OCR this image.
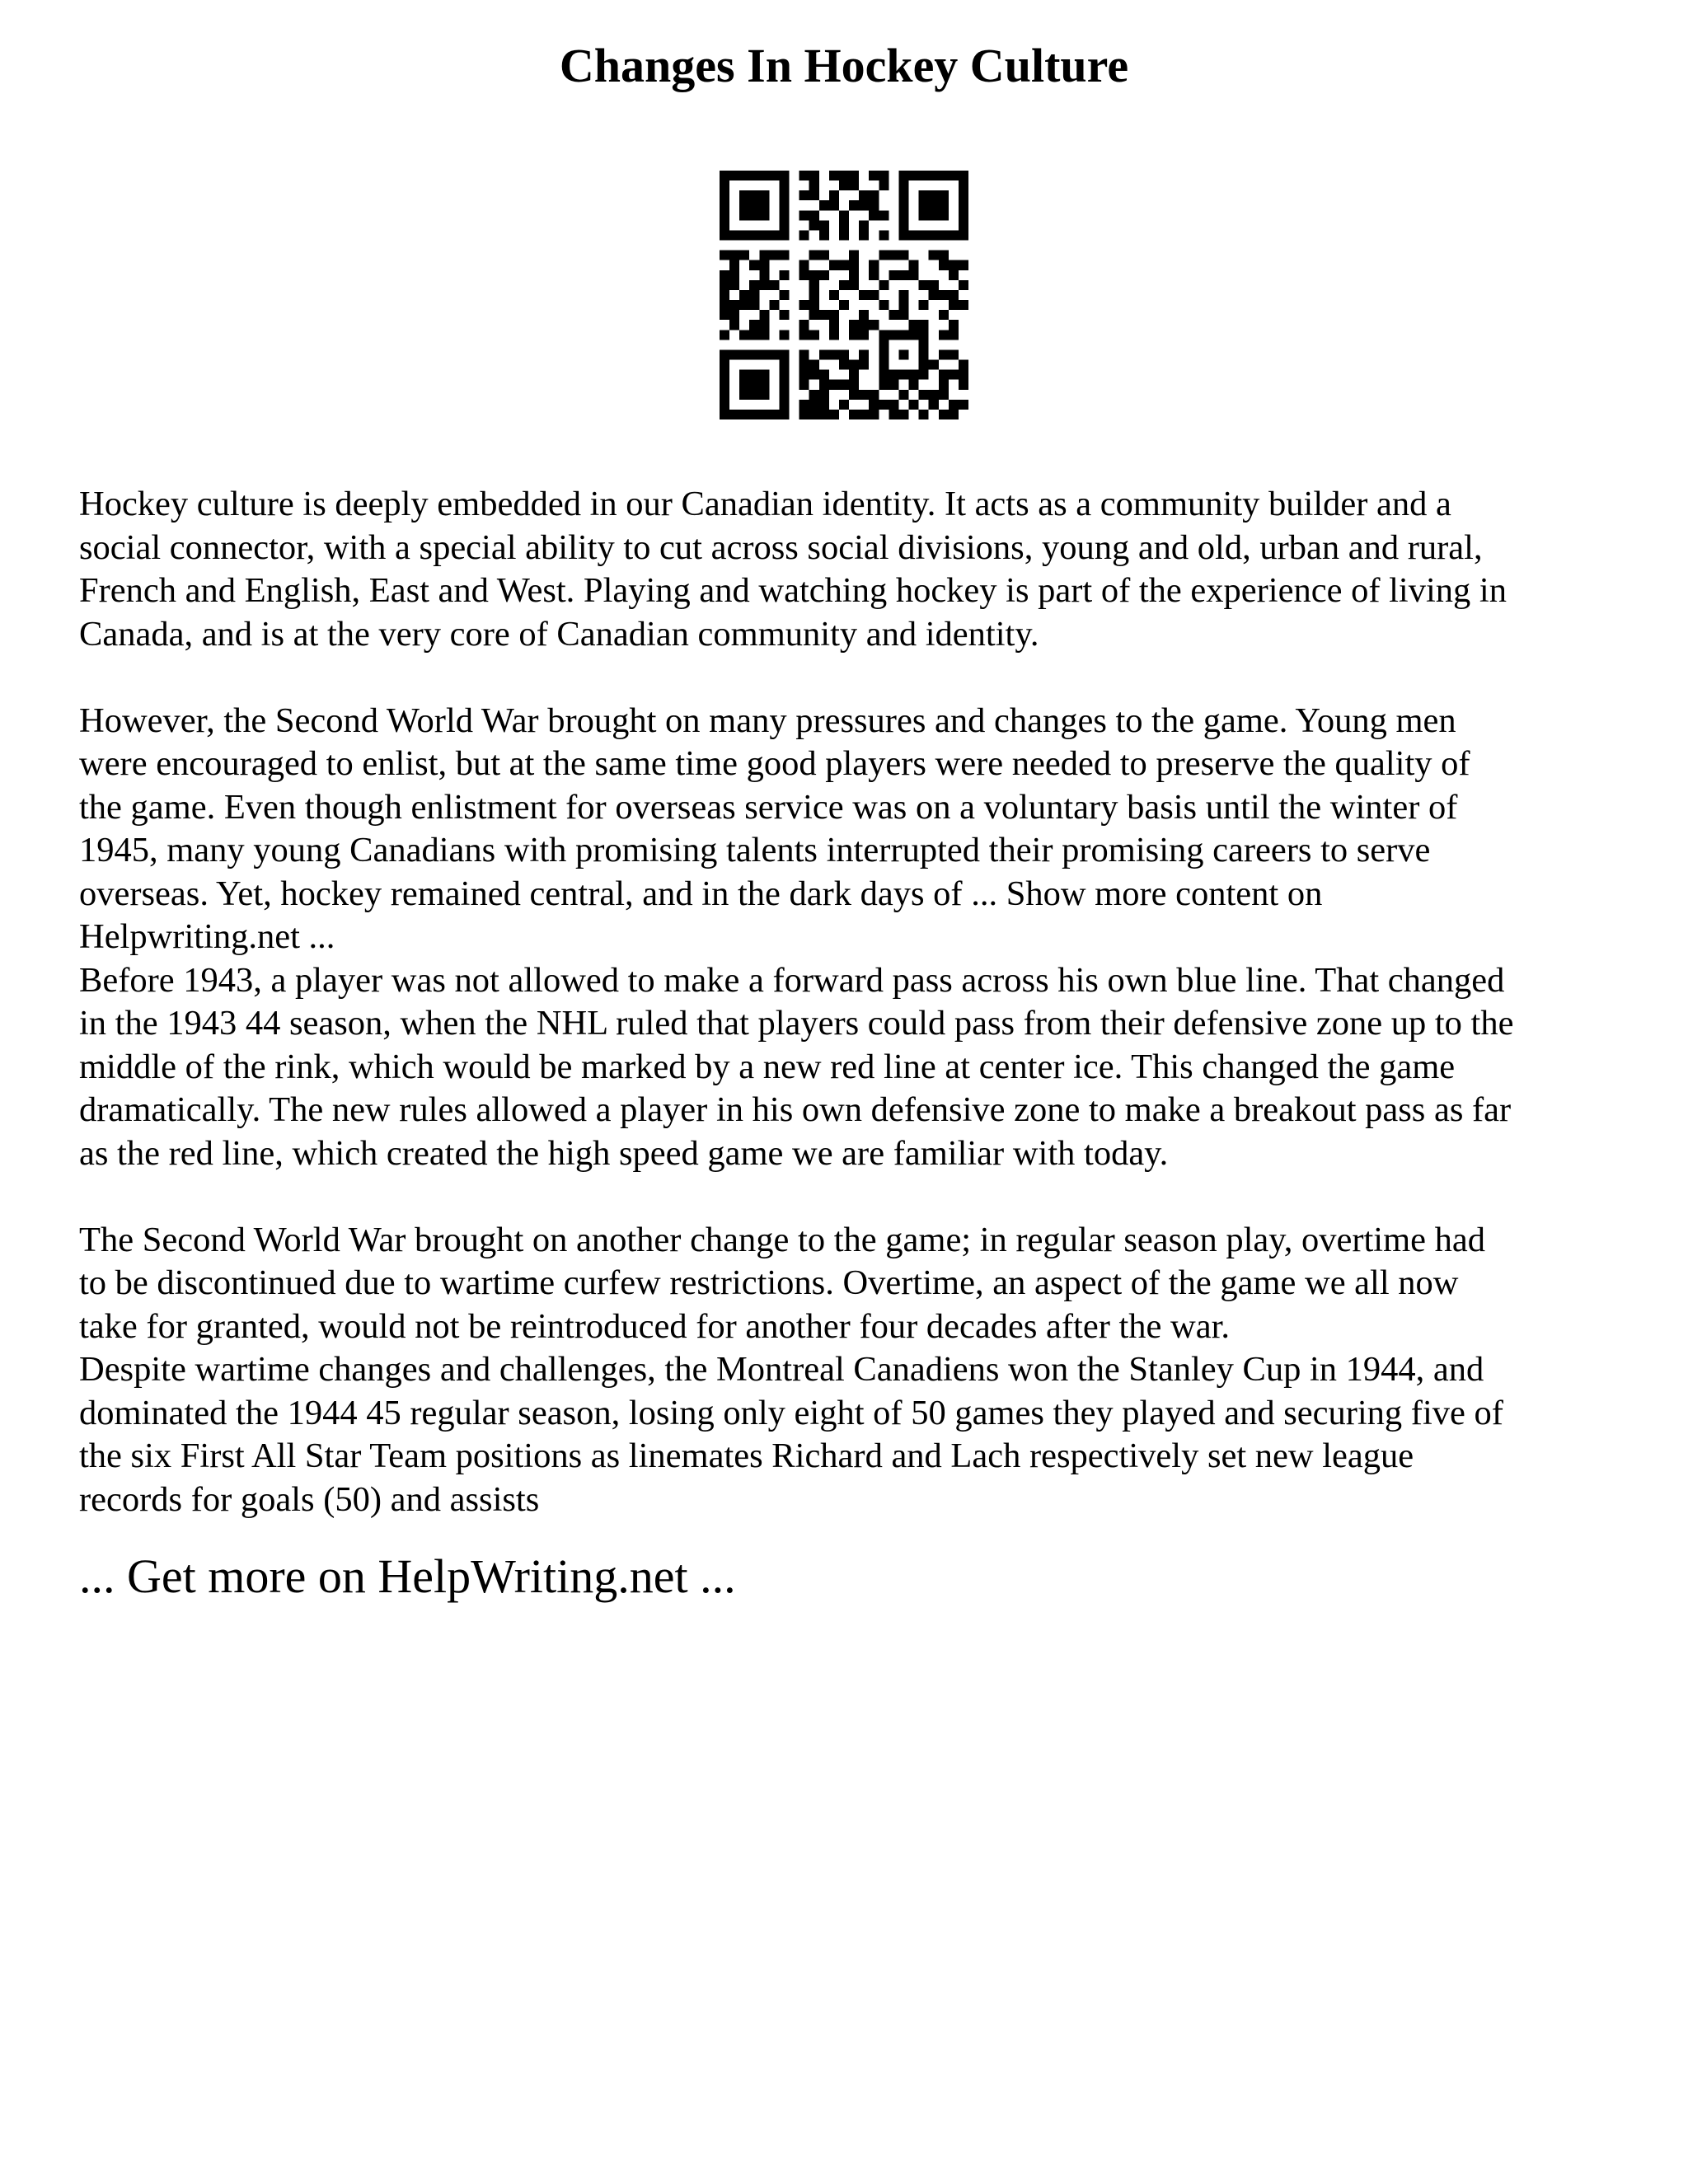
Changes In Hockey Culture

Hockey culture is deeply embedded in our Canadian identity. It acts as a community builder and a
social connector, with a special ability to cut across social divisions, young and old, urban and rural,
French and English, East and West. Playing and watching hockey is part of the experience of living in
Canada, and is at the very core of Canadian community and identity.

However, the Second World War brought on many pressures and changes to the game. Young men
were encouraged to enlist, but at the same time good players were needed to preserve the quality of
the game. Even though enlistment for overseas service was on a voluntary basis until the winter of
1945, many young Canadians with promising talents interrupted their promising careers to serve
overseas. Yet, hockey remained central, and in the dark days of ... Show more content on
Helpwriting.net ...

Before 1943, a player was not allowed to make a forward pass across his own blue line. That changed
in the 1943 44 season, when the NHL ruled that players could pass from their defensive zone up to the
middle of the rink, which would be marked by a new red line at center ice. This changed the game
dramatically. The new rules allowed a player in his own defensive zone to make a breakout pass as far
as the red line, which created the high speed game we are familiar with today.

The Second World War brought on another change to the game; in regular season play, overtime had
to be discontinued due to wartime curfew restrictions. Overtime, an aspect of the game we all now
take for granted, would not be reintroduced for another four decades after the war.

Despite wartime changes and challenges, the Montreal Canadiens won the Stanley Cup in 1944, and
dominated the 1944 45 regular season, losing only eight of 50 games they played and securing five of
the six First All Star Team positions as linemates Richard and Lach respectively set new league
records for goals (50) and assists

... Get more on HelpWriting.net ...
